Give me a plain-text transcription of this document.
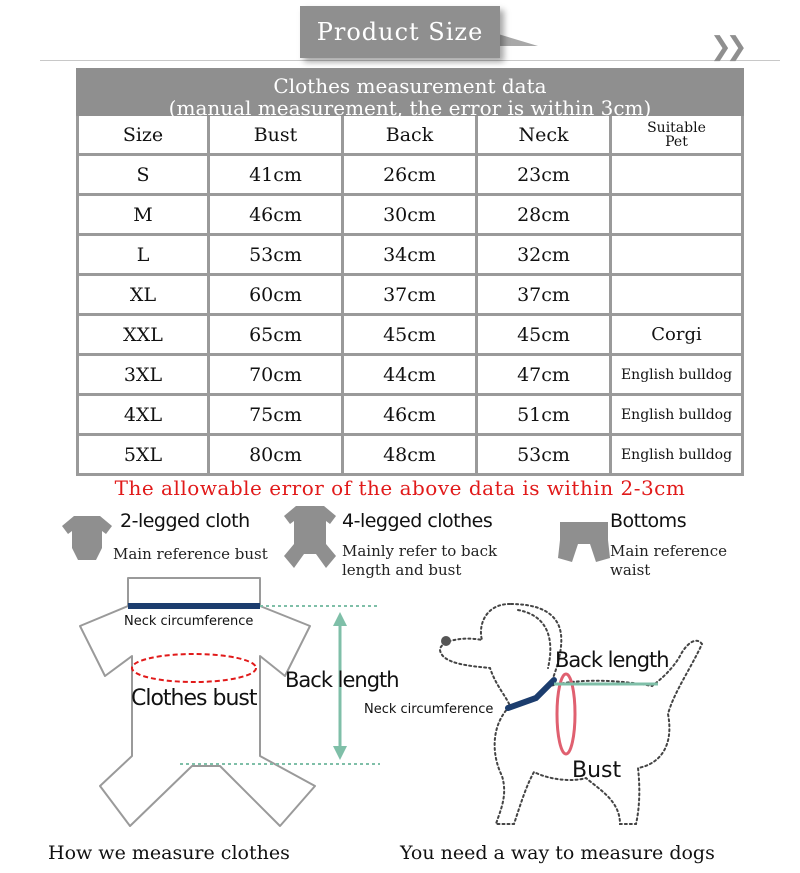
Product Size	❯❯
Clothes measurement data
(manual measurement, the error is within 3cm)
Size	Bust	Back	Neck	Suitable
Pet

S	41cm	26cm	23cm	
M	46cm	30cm	28cm	
L	53cm	34cm	32cm	
XL	60cm	37cm	37cm	
XXL	65cm	45cm	45cm	Corgi
3XL	70cm	44cm	47cm	English bulldog
4XL	75cm	46cm	51cm	English bulldog
5XL	80cm	48cm	53cm	English bulldog
The allowable error of the above data is within 2-3cm
2-legged cloth
Main reference bust
4-legged clothes
Mainly refer to back
length and bust
Bottoms
Main reference
waist
Neck circumference
Clothes bust
Back length
Back length
Neck circumference
Bust
How we measure clothes	You need a way to measure dogs
